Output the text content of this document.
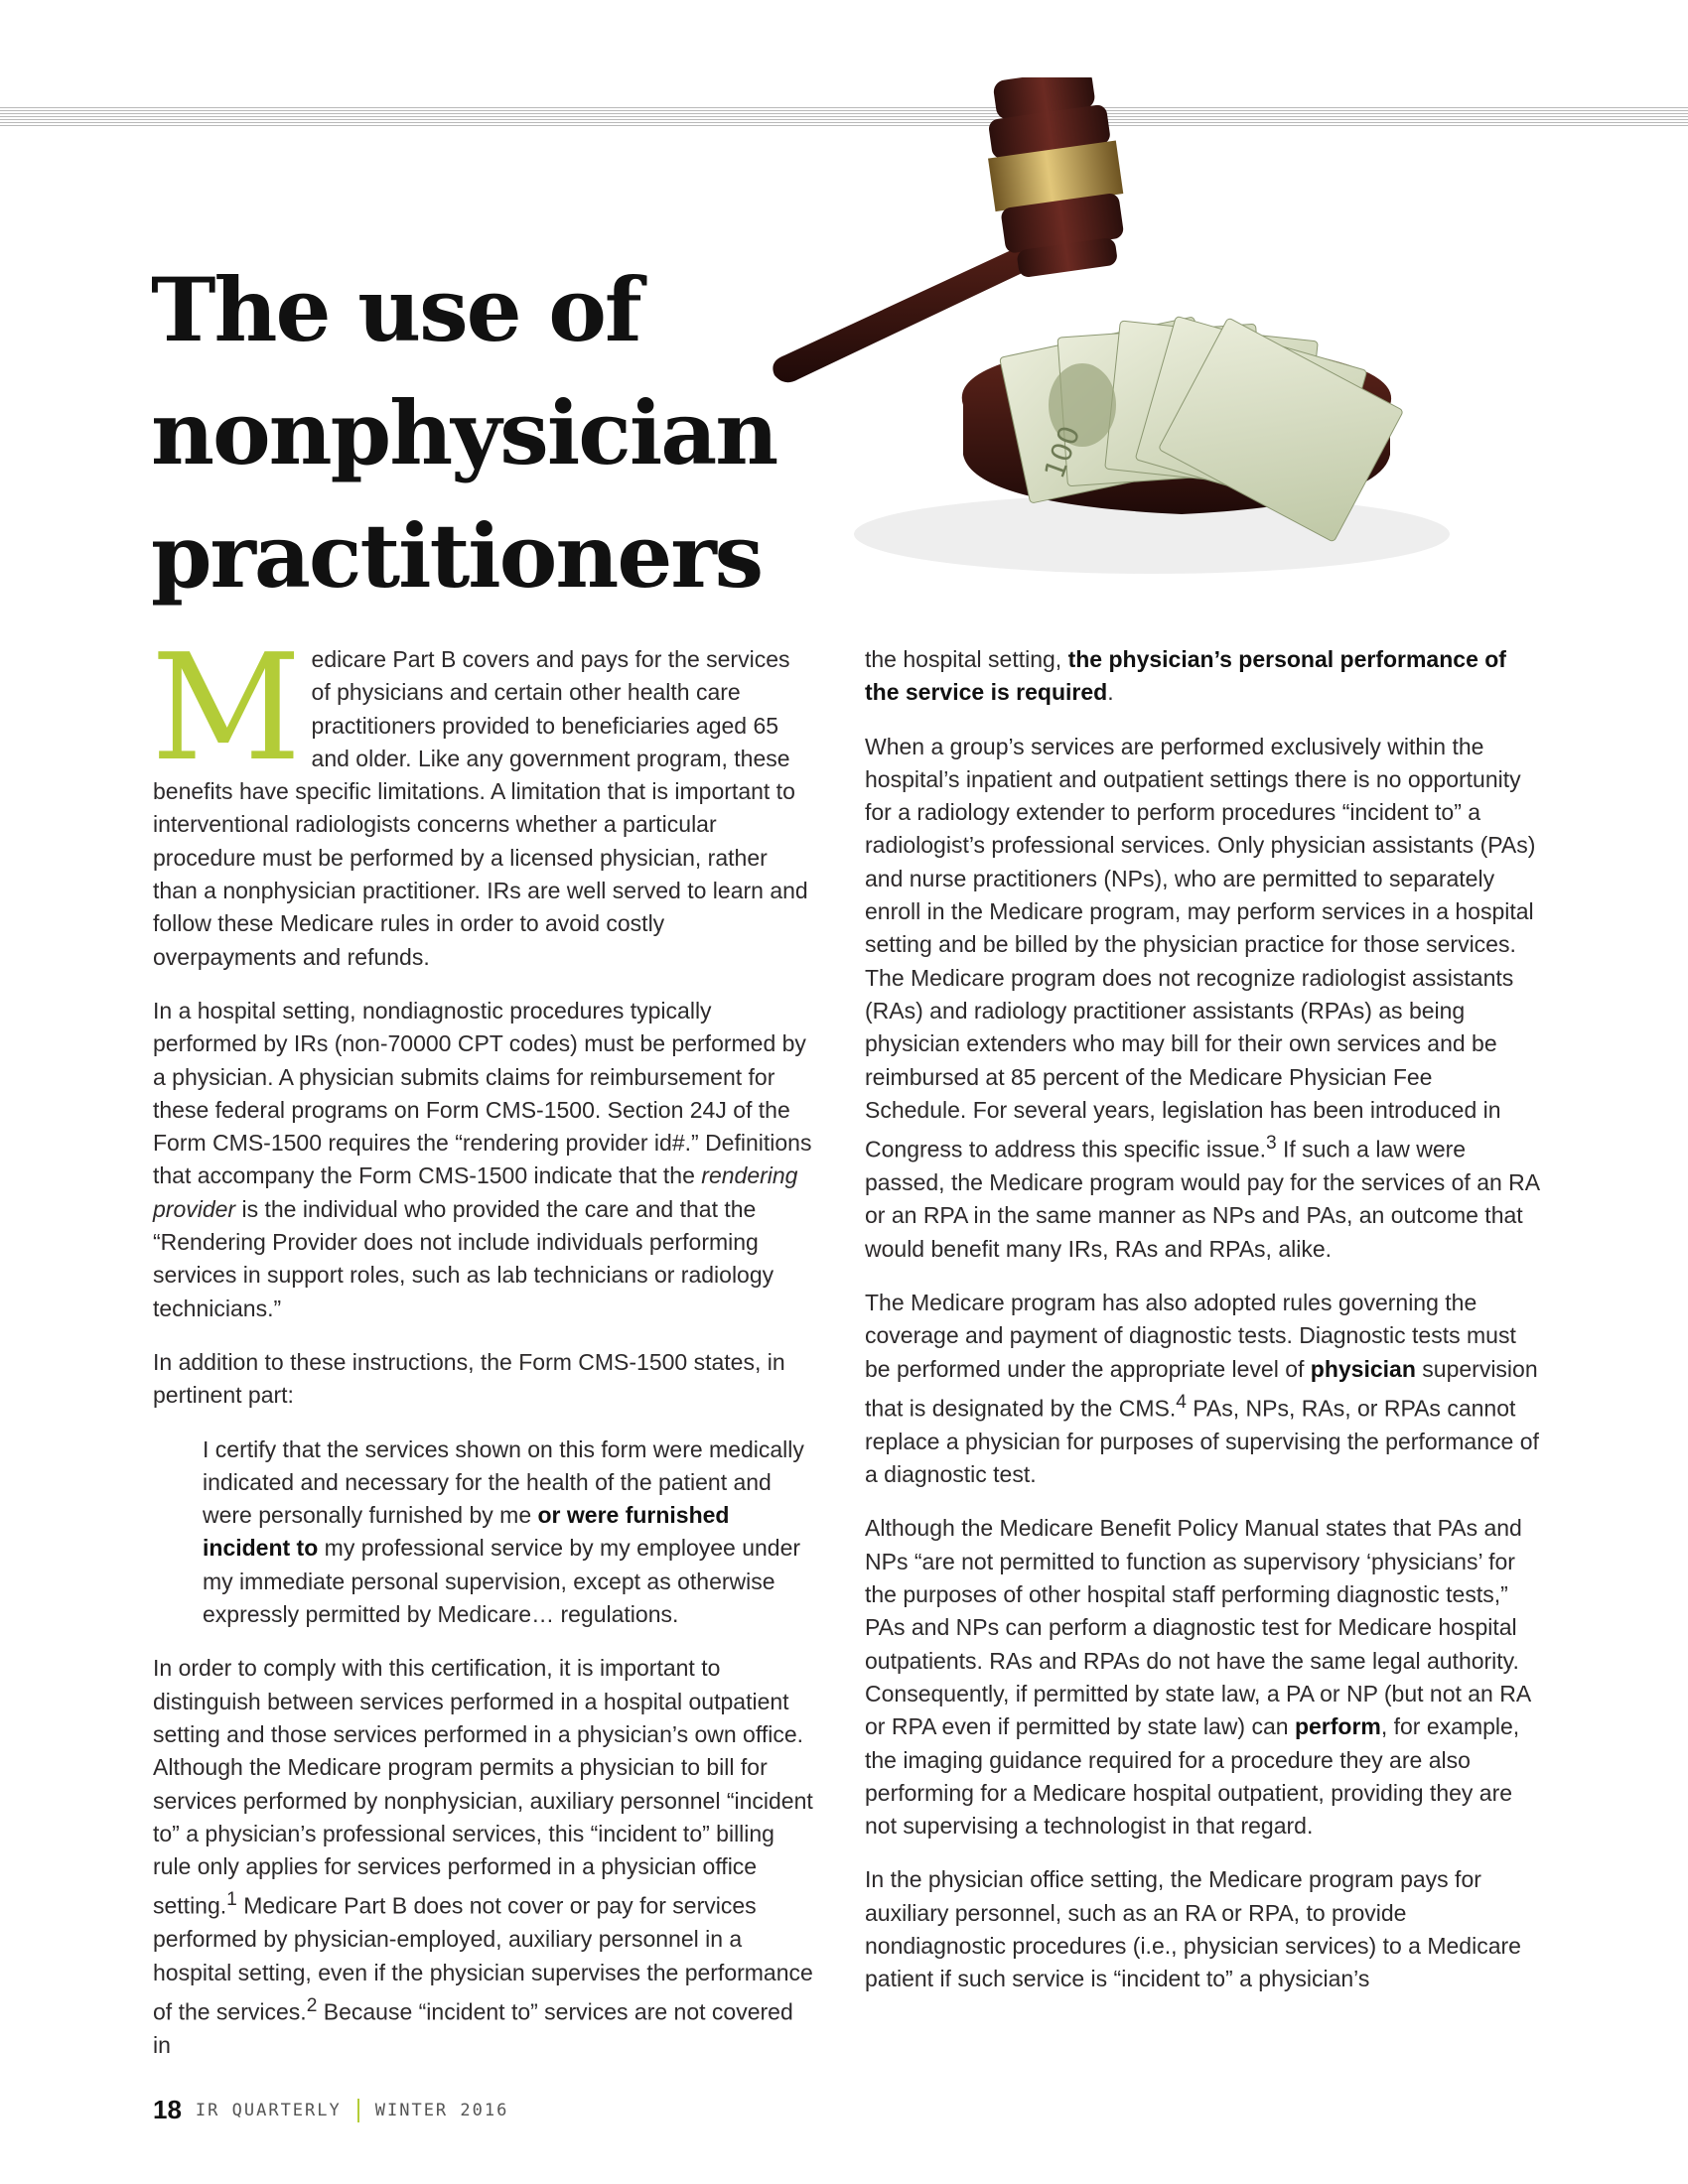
100
The use of
nonphysician
practitioners

Medicare Part B covers and pays for the services of physicians and certain other health care practitioners provided to beneficiaries aged 65 and older. Like any government program, these benefits have specific limitations. A limitation that is important to interventional radiologists concerns whether a particular procedure must be performed by a licensed physician, rather than a nonphysician practitioner. IRs are well served to learn and follow these Medicare rules in order to avoid costly overpayments and refunds.

In a hospital setting, nondiagnostic procedures typically performed by IRs (non-70000 CPT codes) must be performed by a physician. A physician submits claims for reimbursement for these federal programs on Form CMS-1500. Section 24J of the Form CMS-1500 requires the “rendering provider id#.” Definitions that accompany the Form CMS-1500 indicate that the rendering provider is the individual who provided the care and that the “Rendering Provider does not include individuals performing services in support roles, such as lab technicians or radiology technicians.”

In addition to these instructions, the Form CMS-1500 states, in pertinent part:

I certify that the services shown on this form were medically indicated and necessary for the health of the patient and were personally furnished by me or were furnished incident to my professional service by my employee under my immediate personal supervision, except as otherwise expressly permitted by Medicare… regulations.

In order to comply with this certification, it is important to distinguish between services performed in a hospital outpatient setting and those services performed in a physician’s own office. Although the Medicare program permits a physician to bill for services performed by nonphysician, auxiliary personnel “incident to” a physician’s professional services, this “incident to” billing rule only applies for services performed in a physician office setting.$^1$ Medicare Part B does not cover or pay for services performed by physician-employed, auxiliary personnel in a hospital setting, even if the physician supervises the performance of the services.$^2$ Because “incident to” services are not covered in

the hospital setting, the physician’s personal performance of the service is required.

When a group’s services are performed exclusively within the hospital’s inpatient and outpatient settings there is no opportunity for a radiology extender to perform procedures “incident to” a radiologist’s professional services. Only physician assistants (PAs) and nurse practitioners (NPs), who are permitted to separately enroll in the Medicare program, may perform services in a hospital setting and be billed by the physician practice for those services. The Medicare program does not recognize radiologist assistants (RAs) and radiology practitioner assistants (RPAs) as being physician extenders who may bill for their own services and be reimbursed at 85 percent of the Medicare Physician Fee Schedule. For several years, legislation has been introduced in Congress to address this specific issue.$^3$ If such a law were passed, the Medicare program would pay for the services of an RA or an RPA in the same manner as NPs and PAs, an outcome that would benefit many IRs, RAs and RPAs, alike.

The Medicare program has also adopted rules governing the coverage and payment of diagnostic tests. Diagnostic tests must be performed under the appropriate level of physician supervision that is designated by the CMS.$^4$ PAs, NPs, RAs, or RPAs cannot replace a physician for purposes of supervising the performance of a diagnostic test.

Although the Medicare Benefit Policy Manual states that PAs and NPs “are not permitted to function as supervisory ‘physicians’ for the purposes of other hospital staff performing diagnostic tests,” PAs and NPs can perform a diagnostic test for Medicare hospital outpatients. RAs and RPAs do not have the same legal authority. Consequently, if permitted by state law, a PA or NP (but not an RA or RPA even if permitted by state law) can perform, for example, the imaging guidance required for a procedure they are also performing for a Medicare hospital outpatient, providing they are not supervising a technologist in that regard.

In the physician office setting, the Medicare program pays for auxiliary personnel, such as an RA or RPA, to provide nondiagnostic procedures (i.e., physician services) to a Medicare patient if such service is “incident to” a physician’s

18 IR QUARTERLY WINTER 2016
